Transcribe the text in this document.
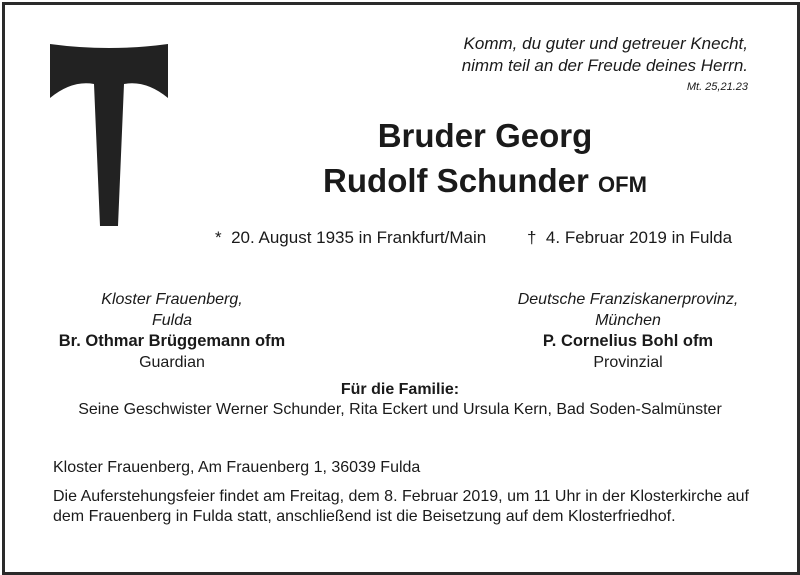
Komm, du guter und getreuer Knecht,
nimm teil an der Freude deines Herrn.
Mt. 25,21.23
Bruder Georg
Rudolf Schunder OFM
* 20. August 1935 in Frankfurt/Main † 4. Februar 2019 in Fulda
Kloster Frauenberg,
Fulda
Br. Othmar Brüggemann ofm
Guardian
Deutsche Franziskanerprovinz,
München
P. Cornelius Bohl ofm
Provinzial
Für die Familie:
Seine Geschwister Werner Schunder, Rita Eckert und Ursula Kern, Bad Soden-Salmünster
Kloster Frauenberg, Am Frauenberg 1, 36039 Fulda
Die Auferstehungsfeier findet am Freitag, dem 8. Februar 2019, um 11 Uhr in der Klosterkirche auf dem Frauenberg in Fulda statt, anschließend ist die Beisetzung auf dem Klosterfriedhof.
